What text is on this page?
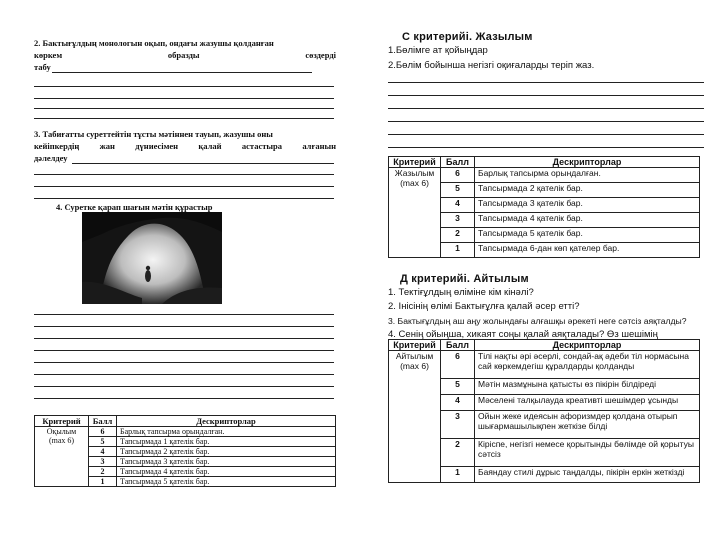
2. Бактығұлдың монологын оқып, ондағы жазушы қолданған
көркем	образды	сөздерді
табу
3. Табиғатты суреттейтін тұсты мәтіннен тауып, жазушы оны
кейіпкердің жан дүниесімен қалай астастыра алғанын
дәлелдеу
4. Суретке қарап шағын мәтін құрастыр
Критерий	Балл	Дескрипторлар

Оқылым
(max 6)	6	Барлық тапсырма орындалған.
	5	Тапсырмада 1 қателік бар.
	4	Тапсырмада 2 қателік бар.
	3	Тапсырмада 3 қателік бар.
	2	Тапсырмада 4 қателік бар.
	1	Тапсырмада 5 қателік бар.
С критерийі. Жазылым
1.Бөлімге ат қойыңдар
2.Бөлім бойынша негізгі оқиғаларды теріп жаз.
Критерий	Балл	Дескрипторлар

Жазылым
(max 6)	6	Барлық тапсырма орындалған.
	5	Тапсырмада 2 қателік бар.
	4	Тапсырмада 3 қателік бар.
	3	Тапсырмада 4 қателік бар.
	2	Тапсырмада 5 қателік бар.
	1	Тапсырмада 6-дан көп қателер бар.
Д критерийі. Айтылым
1. Тектіғұлдың өліміне кім кінәлі?
2. Інісінің өлімі Бактығұлға қалай әсер етті?
3. Бактығұлдың аш аңу жолындағы алғашқы әрекеті неге сәтсіз аяқталды?
4. Сенің ойыңша, хикаят соңы қалай аяқталады? Өз шешімің
Критерий	Балл	Дескрипторлар

Айтылым
(max 6)	6	Тілі нақты әрі әсерлі, сондай-ақ әдеби тіл нормасына сай көркемдегіш құралдарды қолданды
	5	Мәтін мазмұнына қатысты өз пікірін білдіреді
	4	Мәселені талқылауда креативті шешімдер ұсынды
	3	Ойын жеке идеясын афоризмдер қолдана отырып шығармашылықпен жеткізе білді
	2	Кіріспе, негізгі немесе қорытынды бөлімде ой қорытуы сәтсіз
	1	Баяндау стилі дұрыс таңдалды, пікірін еркін жеткізді
